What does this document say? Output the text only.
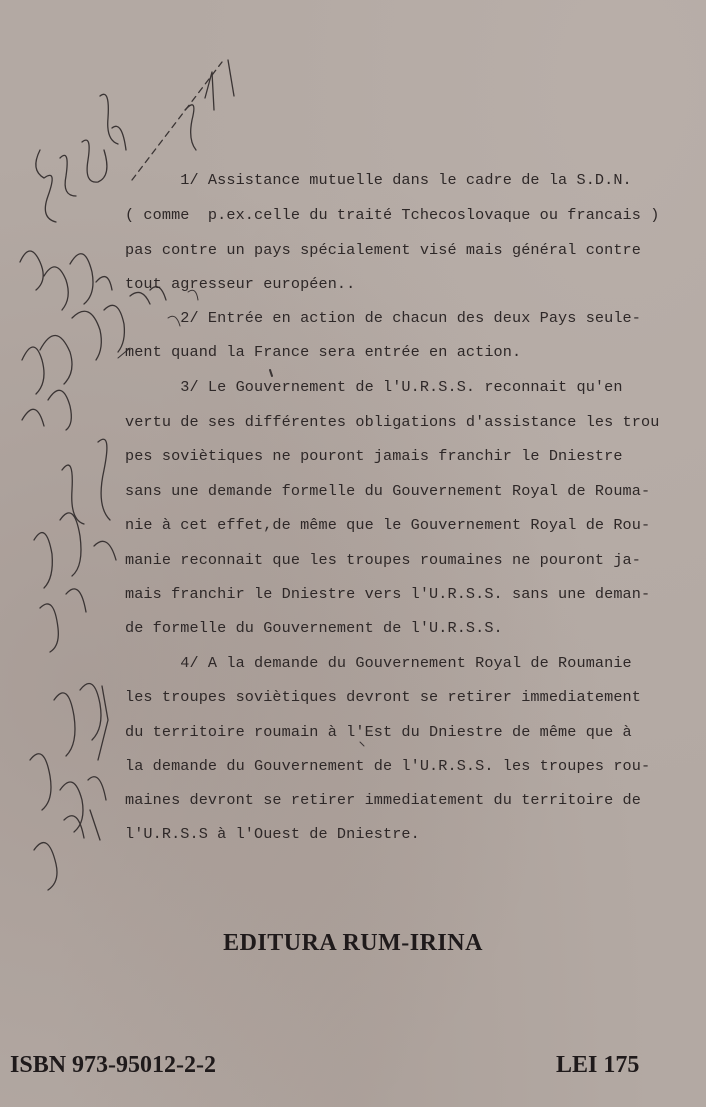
1/ Assistance mutuelle dans le cadre de la S.D.N.
( comme  p.ex.celle du traité Tchecoslovaque ou francais )
pas contre un pays spécialement visé mais général contre
tout agresseur européen..
2/ Entrée en action de chacun des deux Pays seule-
ment quand la France sera entrée en action.
3/ Le Gouvernement de l'U.R.S.S. reconnait qu'en
vertu de ses différentes obligations d'assistance les trou
pes soviètiques ne pouront jamais franchir le Dniestre
sans une demande formelle du Gouvernement Royal de Rouma-
nie à cet effet,de même que le Gouvernement Royal de Rou-
manie reconnait que les troupes roumaines ne pouront ja-
mais franchir le Dniestre vers l'U.R.S.S. sans une deman-
de formelle du Gouvernement de l'U.R.S.S.
4/ A la demande du Gouvernement Royal de Roumanie
les troupes soviètiques devront se retirer immediatement
du territoire roumain à l'Est du Dniestre de même que à
la demande du Gouvernement de l'U.R.S.S. les troupes rou-
maines devront se retirer immediatement du territoire de
l'U.R.S.S à l'Ouest de Dniestre.
EDITURA RUM-IRINA
ISBN 973-95012-2-2	LEI 175
